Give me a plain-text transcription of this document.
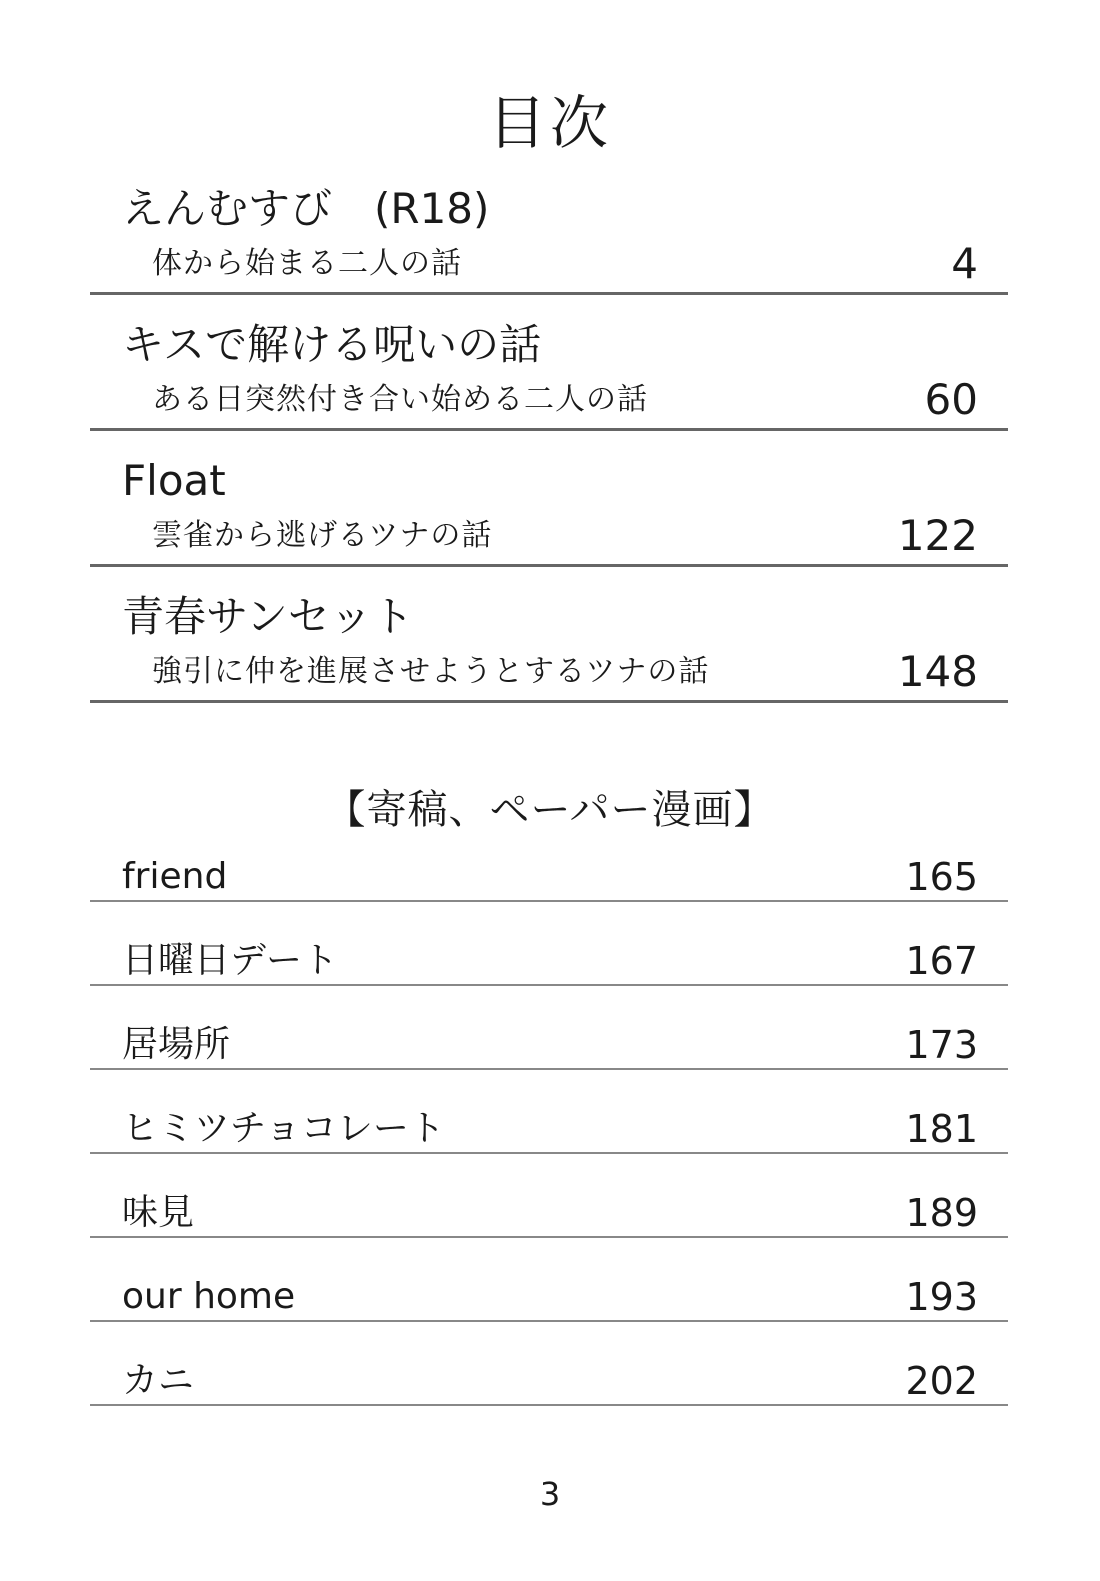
目次
えんむすび　(R18)
体から始まる二人の話	4
キスで解ける呪いの話
ある日突然付き合い始める二人の話	60
Float
雲雀から逃げるツナの話	122
青春サンセット
強引に仲を進展させようとするツナの話	148
【寄稿、ペーパー漫画】
friend	165
日曜日デート	167
居場所	173
ヒミツチョコレート	181
味見	189
our home	193
カニ	202
3
